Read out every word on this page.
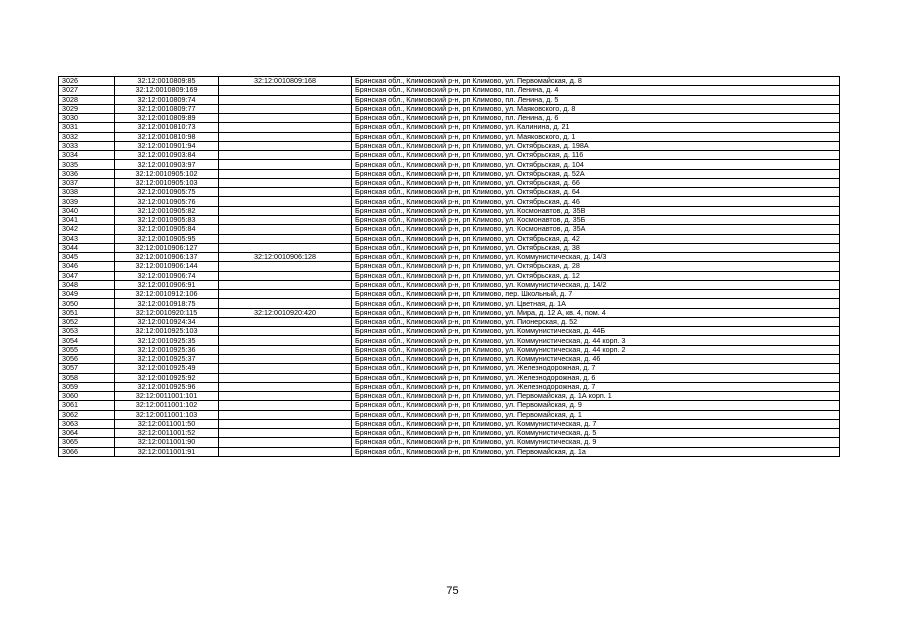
3026	32:12:0010809:85	32:12:0010809:168	Брянская обл., Климовский р-н, рп Климово, ул. Первомайская, д. 8
3027	32:12:0010809:169		Брянская обл., Климовский р-н, рп Климово, пл. Ленина, д. 4
3028	32:12:0010809:74		Брянская обл., Климовский р-н, рп Климово, пл. Ленина, д. 5
3029	32:12:0010809:77		Брянская обл., Климовский р-н, рп Климово, ул. Маяковского, д. 8
3030	32:12:0010809:89		Брянская обл., Климовский р-н, рп Климово, пл. Ленина, д. 6
3031	32:12:0010810:73		Брянская обл., Климовский р-н, рп Климово, ул. Калинина, д. 21
3032	32:12:0010810:98		Брянская обл., Климовский р-н, рп Климово, ул. Маяковского, д. 1
3033	32:12:0010901:94		Брянская обл., Климовский р-н, рп Климово, ул. Октябрьская, д. 198А
3034	32:12:0010903:84		Брянская обл., Климовский р-н, рп Климово, ул. Октябрьская, д. 116
3035	32:12:0010903:97		Брянская обл., Климовский р-н, рп Климово, ул. Октябрьская, д. 104
3036	32:12:0010905:102		Брянская обл., Климовский р-н, рп Климово, ул. Октябрьская, д. 52А
3037	32:12:0010905:103		Брянская обл., Климовский р-н, рп Климово, ул. Октябрьская, д. 66
3038	32:12:0010905:75		Брянская обл., Климовский р-н, рп Климово, ул. Октябрьская, д. 64
3039	32:12:0010905:76		Брянская обл., Климовский р-н, рп Климово, ул. Октябрьская, д. 46
3040	32:12:0010905:82		Брянская обл., Климовский р-н, рп Климово, ул. Космонавтов, д. 35В
3041	32:12:0010905:83		Брянская обл., Климовский р-н, рп Климово, ул. Космонавтов, д. 35Б
3042	32:12:0010905:84		Брянская обл., Климовский р-н, рп Климово, ул. Космонавтов, д. 35А
3043	32:12:0010905:95		Брянская обл., Климовский р-н, рп Климово, ул. Октябрьская, д. 42
3044	32:12:0010906:127		Брянская обл., Климовский р-н, рп Климово, ул. Октябрьская, д. 38
3045	32:12:0010906:137	32:12:0010906:128	Брянская обл., Климовский р-н, рп Климово, ул. Коммунистическая, д. 14/3
3046	32:12:0010906:144		Брянская обл., Климовский р-н, рп Климово, ул. Октябрьская, д. 28
3047	32:12:0010906:74		Брянская обл., Климовский р-н, рп Климово, ул. Октябрьская, д. 12
3048	32:12:0010906:91		Брянская обл., Климовский р-н, рп Климово, ул. Коммунистическая, д. 14/2
3049	32:12:0010912:106		Брянская обл., Климовский р-н, рп Климово, пер. Школьный, д. 7
3050	32:12:0010918:75		Брянская обл., Климовский р-н, рп Климово, ул. Цветная, д. 1А
3051	32:12:0010920:115	32:12:0010920:420	Брянская обл., Климовский р-н, рп Климово, ул. Мира, д. 12 А, кв. 4, пом. 4
3052	32:12:0010924:34		Брянская обл., Климовский р-н, рп Климово, ул. Пионерская, д. 52
3053	32:12:0010925:103		Брянская обл., Климовский р-н, рп Климово, ул. Коммунистическая, д. 44Б
3054	32:12:0010925:35		Брянская обл., Климовский р-н, рп Климово, ул. Коммунистическая, д. 44 корп. 3
3055	32:12:0010925:36		Брянская обл., Климовский р-н, рп Климово, ул. Коммунистическая, д. 44 корп. 2
3056	32:12:0010925:37		Брянская обл., Климовский р-н, рп Климово, ул. Коммунистическая, д. 46
3057	32:12:0010925:49		Брянская обл., Климовский р-н, рп Климово, ул. Железнодорожная, д. 7
3058	32:12:0010925:92		Брянская обл., Климовский р-н, рп Климово, ул. Железнодорожная, д. 6
3059	32:12:0010925:96		Брянская обл., Климовский р-н, рп Климово, ул. Железнодорожная, д. 7
3060	32:12:0011001:101		Брянская обл., Климовский р-н, рп Климово, ул. Первомайская, д. 1А корп. 1
3061	32:12:0011001:102		Брянская обл., Климовский р-н, рп Климово, ул. Первомайская, д. 9
3062	32:12:0011001:103		Брянская обл., Климовский р-н, рп Климово, ул. Первомайская, д. 1
3063	32:12:0011001:50		Брянская обл., Климовский р-н, рп Климово, ул. Коммунистическая, д. 7
3064	32:12:0011001:52		Брянская обл., Климовский р-н, рп Климово, ул. Коммунистическая, д. 5
3065	32:12:0011001:90		Брянская обл., Климовский р-н, рп Климово, ул. Коммунистическая, д. 9
3066	32:12:0011001:91		Брянская обл., Климовский р-н, рп Климово, ул. Первомайская, д. 1а
75
